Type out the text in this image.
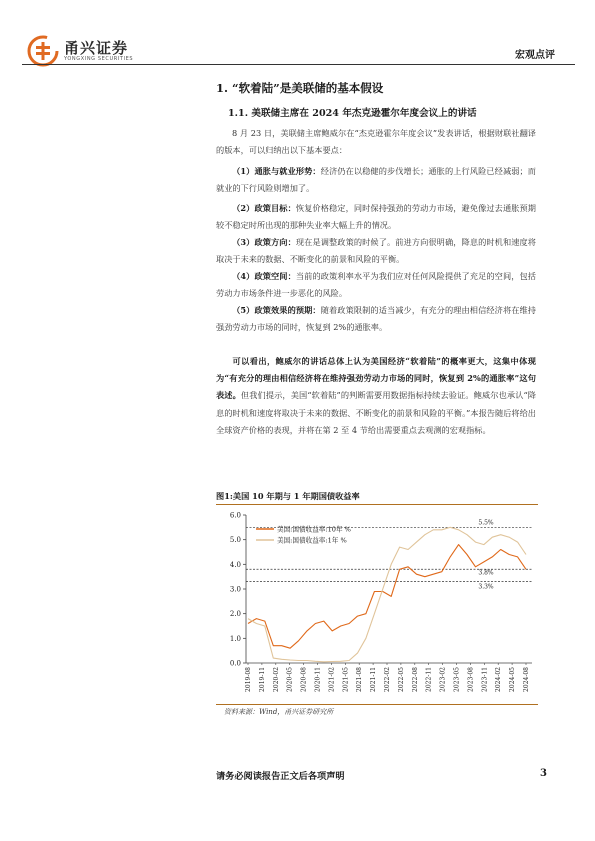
甬兴证券
YONGXING SECURITIES	宏观点评
1. “软着陆”是美联储的基本假设
1.1. 美联储主席在 2024 年杰克逊霍尔年度会议上的讲话
8 月 23 日，美联储主席鲍威尔在“杰克逊霍尔年度会议”发表讲话，根据财联社翻译的版本，可以归纳出以下基本要点：
（1）通胀与就业形势：经济仍在以稳健的步伐增长；通胀的上行风险已经减弱；而就业的下行风险则增加了。
（2）政策目标：恢复价格稳定，同时保持强劲的劳动力市场，避免像过去通胀预期较不稳定时所出现的那种失业率大幅上升的情况。
（3）政策方向：现在是调整政策的时候了。前进方向很明确，降息的时机和速度将取决于未来的数据、不断变化的前景和风险的平衡。
（4）政策空间：当前的政策利率水平为我们应对任何风险提供了充足的空间，包括劳动力市场条件进一步恶化的风险。
（5）政策效果的预期：随着政策限制的适当减少，有充分的理由相信经济将在维持强劲劳动力市场的同时，恢复到 2%的通胀率。
可以看出，鲍威尔的讲话总体上认为美国经济“软着陆”的概率更大，这集中体现为“有充分的理由相信经济将在维持强劲劳动力市场的同时，恢复到 2%的通胀率”这句表述。但我们提示，美国“软着陆”的判断需要用数据指标持续去验证。鲍威尔也承认“降息的时机和速度将取决于未来的数据、不断变化的前景和风险的平衡。”本报告随后将给出全球资产价格的表现，并将在第 2 至 4 节给出需要重点去观测的宏观指标。
图1:美国 10 年期与 1 年期国债收益率
0.0
1.0
2.0
3.0
4.0
5.0
6.0
5.5%
3.8%
3.3%
美国:国债收益率:10年 %
美国:国债收益率:1年 %
2019-08 2019-11 2020-02 2020-05 2020-08 2020-11 2021-02 2021-05 2021-08 2021-11 2022-02 2022-05 2022-08 2022-11 2023-02 2023-05 2023-08 2023-11 2024-02 2024-05 2024-08
资料来源：Wind，甬兴证券研究所
请务必阅读报告正文后各项声明	3
